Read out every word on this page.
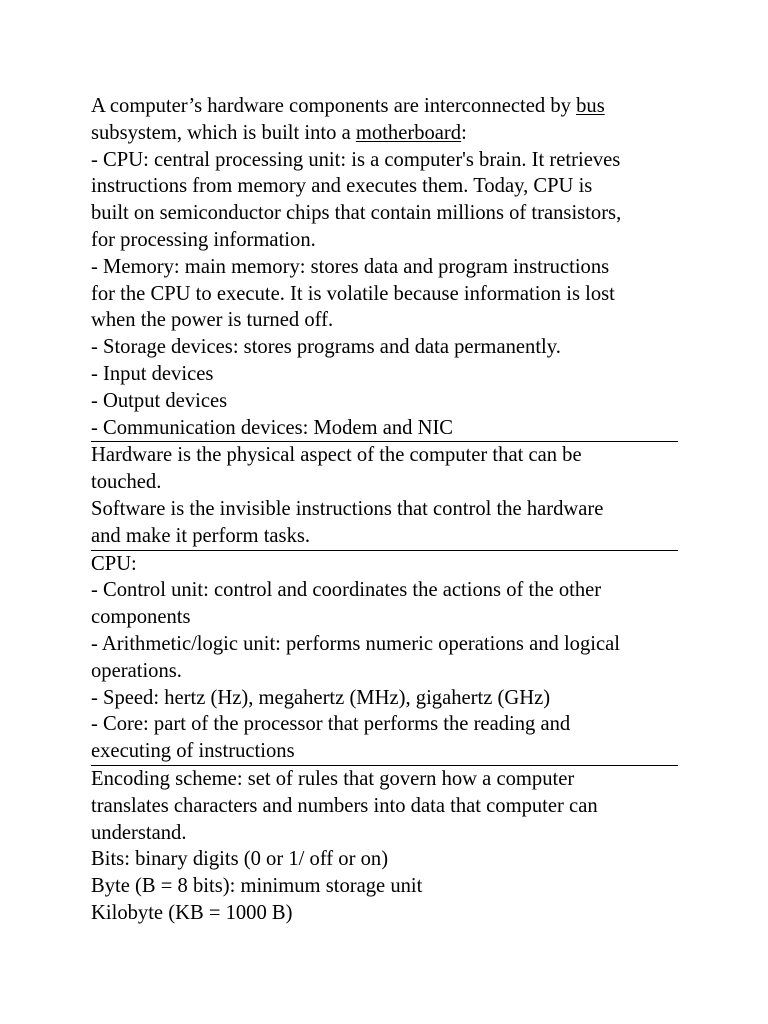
A computer’s hardware components are interconnected by bus
subsystem, which is built into a motherboard:
- CPU: central processing unit: is a computer's brain. It retrieves
instructions from memory and executes them. Today, CPU is
built on semiconductor chips that contain millions of transistors,
for processing information.
- Memory: main memory: stores data and program instructions
for the CPU to execute. It is volatile because information is lost
when the power is turned off.
- Storage devices: stores programs and data permanently.
- Input devices
- Output devices
- Communication devices: Modem and NIC
Hardware is the physical aspect of the computer that can be
touched.
Software is the invisible instructions that control the hardware
and make it perform tasks.
CPU:
- Control unit: control and coordinates the actions of the other
components
- Arithmetic/logic unit: performs numeric operations and logical
operations.
- Speed: hertz (Hz), megahertz (MHz), gigahertz (GHz)
- Core: part of the processor that performs the reading and
executing of instructions
Encoding scheme: set of rules that govern how a computer
translates characters and numbers into data that computer can
understand.
Bits: binary digits (0 or 1/ off or on)
Byte (B = 8 bits): minimum storage unit
Kilobyte (KB = 1000 B)
